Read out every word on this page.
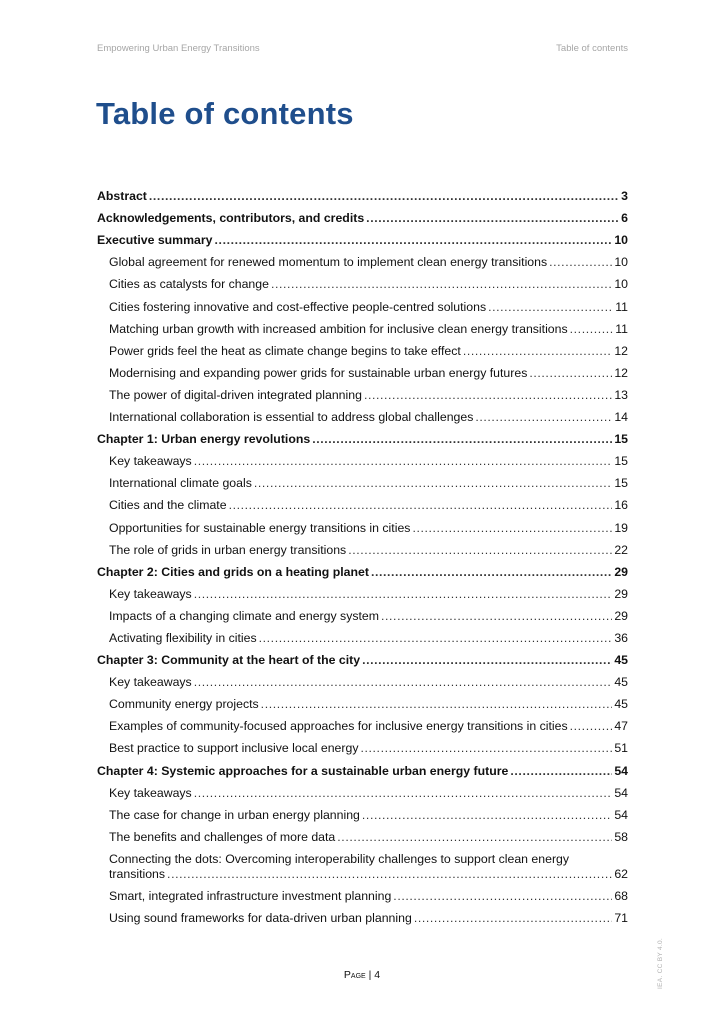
Empowering Urban Energy Transitions	Table of contents
Table of contents
Abstract .....	3
Acknowledgements, contributors, and credits .....	6
Executive summary .....	10
Global agreement for renewed momentum to implement clean energy transitions .....	10
Cities as catalysts for change .....	10
Cities fostering innovative and cost-effective people-centred solutions .....	11
Matching urban growth with increased ambition for inclusive clean energy transitions .....	11
Power grids feel the heat as climate change begins to take effect .....	12
Modernising and expanding power grids for sustainable urban energy futures .....	12
The power of digital-driven integrated planning .....	13
International collaboration is essential to address global challenges .....	14
Chapter 1: Urban energy revolutions .....	15
Key takeaways .....	15
International climate goals .....	15
Cities and the climate .....	16
Opportunities for sustainable energy transitions in cities .....	19
The role of grids in urban energy transitions .....	22
Chapter 2: Cities and grids on a heating planet .....	29
Key takeaways .....	29
Impacts of a changing climate and energy system .....	29
Activating flexibility in cities .....	36
Chapter 3: Community at the heart of the city .....	45
Key takeaways .....	45
Community energy projects .....	45
Examples of community-focused approaches for inclusive energy transitions in cities .....	47
Best practice to support inclusive local energy .....	51
Chapter 4: Systemic approaches for a sustainable urban energy future .....	54
Key takeaways .....	54
The case for change in urban energy planning .....	54
The benefits and challenges of more data .....	58
Connecting the dots: Overcoming interoperability challenges to support clean energy
transitions .....	62
Smart, integrated infrastructure investment planning .....	68
Using sound frameworks for data-driven urban planning .....	71
Page | 4	IEA. CC BY 4.0.
